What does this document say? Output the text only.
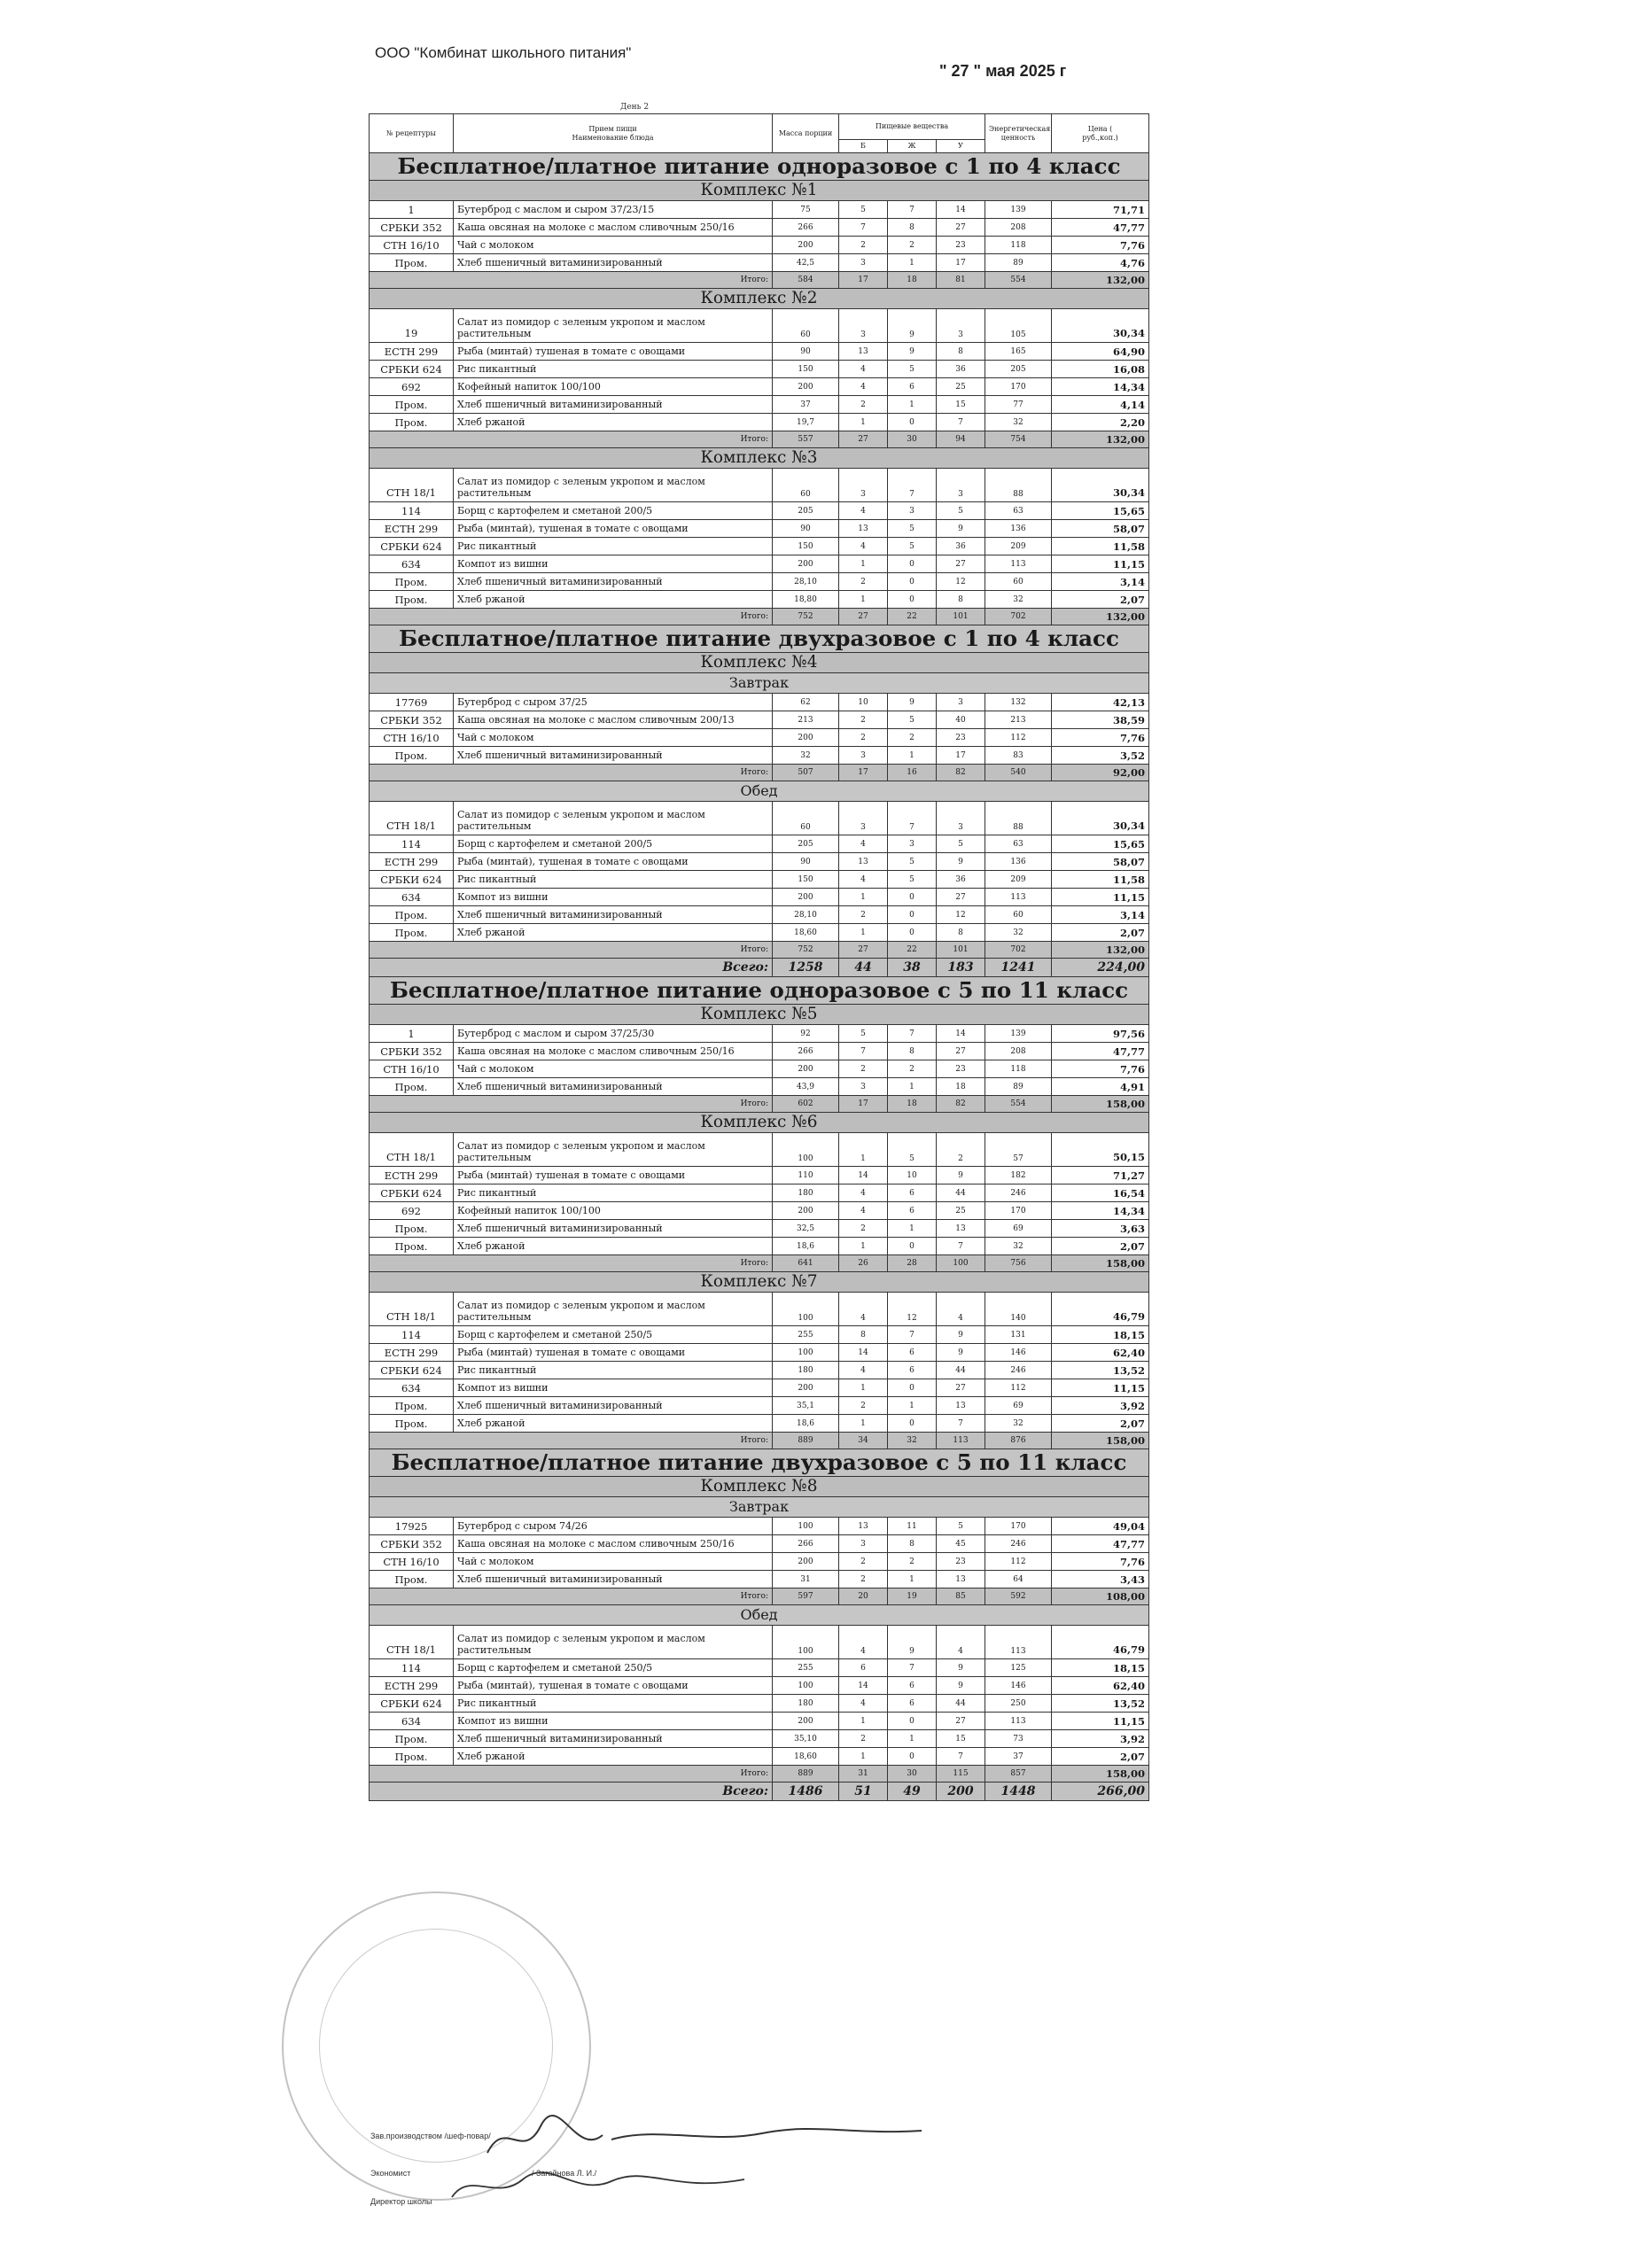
ООО "Комбинат школьного питания"
" 27 " мая 2025 г
День 2
№ рецептуры	Прием пищи
Наименование блюда	Масса порции	Пищевые вещества			Энергетическая ценность	Цена (
руб.,коп.)
			Б	Ж	У		
Бесплатное/платное питание одноразовое с 1 по 4 класс							
Комплекс №1							
1	Бутерброд с маслом и сыром 37/23/15	75	5	7	14	139	71,71
СРБКИ 352	Каша овсяная на молоке с маслом сливочным 250/16	266	7	8	27	208	47,77
СТН 16/10	Чай с молоком	200	2	2	23	118	7,76
Пром.	Хлеб пшеничный витаминизированный	42,5	3	1	17	89	4,76
Итого:		584	17	18	81	554	132,00
Комплекс №2							
19	Салат из помидор с зеленым укропом и маслом растительным	60	3	9	3	105	30,34
ЕСТН 299	Рыба (минтай) тушеная в томате с овощами	90	13	9	8	165	64,90
СРБКИ 624	Рис пикантный	150	4	5	36	205	16,08
692	Кофейный напиток 100/100	200	4	6	25	170	14,34
Пром.	Хлеб пшеничный витаминизированный	37	2	1	15	77	4,14
Пром.	Хлеб ржаной	19,7	1	0	7	32	2,20
Итого:		557	27	30	94	754	132,00
Комплекс №3							
СТН 18/1	Салат из помидор с зеленым укропом и маслом растительным	60	3	7	3	88	30,34
114	Борщ с картофелем и сметаной 200/5	205	4	3	5	63	15,65
ЕСТН 299	Рыба (минтай), тушеная в томате с овощами	90	13	5	9	136	58,07
СРБКИ 624	Рис пикантный	150	4	5	36	209	11,58
634	Компот из вишни	200	1	0	27	113	11,15
Пром.	Хлеб пшеничный витаминизированный	28,10	2	0	12	60	3,14
Пром.	Хлеб ржаной	18,80	1	0	8	32	2,07
Итого:		752	27	22	101	702	132,00
Бесплатное/платное питание двухразовое с 1 по 4 класс							
Комплекс №4							
Завтрак							
17769	Бутерброд с сыром 37/25	62	10	9	3	132	42,13
СРБКИ 352	Каша овсяная на молоке с маслом сливочным 200/13	213	2	5	40	213	38,59
СТН 16/10	Чай с молоком	200	2	2	23	112	7,76
Пром.	Хлеб пшеничный витаминизированный	32	3	1	17	83	3,52
Итого:		507	17	16	82	540	92,00
Обед							
СТН 18/1	Салат из помидор с зеленым укропом и маслом растительным	60	3	7	3	88	30,34
114	Борщ с картофелем и сметаной 200/5	205	4	3	5	63	15,65
ЕСТН 299	Рыба (минтай), тушеная в томате с овощами	90	13	5	9	136	58,07
СРБКИ 624	Рис пикантный	150	4	5	36	209	11,58
634	Компот из вишни	200	1	0	27	113	11,15
Пром.	Хлеб пшеничный витаминизированный	28,10	2	0	12	60	3,14
Пром.	Хлеб ржаной	18,60	1	0	8	32	2,07
Итого:		752	27	22	101	702	132,00
Всего:		1258	44	38	183	1241	224,00
Бесплатное/платное питание одноразовое с 5 по 11 класс							
Комплекс №5							
1	Бутерброд с маслом и сыром 37/25/30	92	5	7	14	139	97,56
СРБКИ 352	Каша овсяная на молоке с маслом сливочным 250/16	266	7	8	27	208	47,77
СТН 16/10	Чай с молоком	200	2	2	23	118	7,76
Пром.	Хлеб пшеничный витаминизированный	43,9	3	1	18	89	4,91
Итого:		602	17	18	82	554	158,00
Комплекс №6							
СТН 18/1	Салат из помидор с зеленым укропом и маслом растительным	100	1	5	2	57	50,15
ЕСТН 299	Рыба (минтай) тушеная в томате с овощами	110	14	10	9	182	71,27
СРБКИ 624	Рис пикантный	180	4	6	44	246	16,54
692	Кофейный напиток 100/100	200	4	6	25	170	14,34
Пром.	Хлеб пшеничный витаминизированный	32,5	2	1	13	69	3,63
Пром.	Хлеб ржаной	18,6	1	0	7	32	2,07
Итого:		641	26	28	100	756	158,00
Комплекс №7							
СТН 18/1	Салат из помидор с зеленым укропом и маслом растительным	100	4	12	4	140	46,79
114	Борщ с картофелем и сметаной 250/5	255	8	7	9	131	18,15
ЕСТН 299	Рыба (минтай) тушеная в томате с овощами	100	14	6	9	146	62,40
СРБКИ 624	Рис пикантный	180	4	6	44	246	13,52
634	Компот из вишни	200	1	0	27	112	11,15
Пром.	Хлеб пшеничный витаминизированный	35,1	2	1	13	69	3,92
Пром.	Хлеб ржаной	18,6	1	0	7	32	2,07
Итого:		889	34	32	113	876	158,00
Бесплатное/платное питание двухразовое с 5 по 11 класс							
Комплекс №8							
Завтрак							
17925	Бутерброд с сыром 74/26	100	13	11	5	170	49,04
СРБКИ 352	Каша овсяная на молоке с маслом сливочным 250/16	266	3	8	45	246	47,77
СТН 16/10	Чай с молоком	200	2	2	23	112	7,76
Пром.	Хлеб пшеничный витаминизированный	31	2	1	13	64	3,43
Итого:		597	20	19	85	592	108,00
Обед							
СТН 18/1	Салат из помидор с зеленым укропом и маслом растительным	100	4	9	4	113	46,79
114	Борщ с картофелем и сметаной 250/5	255	6	7	9	125	18,15
ЕСТН 299	Рыба (минтай), тушеная в томате с овощами	100	14	6	9	146	62,40
СРБКИ 624	Рис пикантный	180	4	6	44	250	13,52
634	Компот из вишни	200	1	0	27	113	11,15
Пром.	Хлеб пшеничный витаминизированный	35,10	2	1	15	73	3,92
Пром.	Хлеб ржаной	18,60	1	0	7	37	2,07
Итого:		889	31	30	115	857	158,00
Всего:		1486	51	49	200	1448	266,00
Зав.производством /шеф-повар/
Экономист	/ Загайнова Л. И./
Директор школы
